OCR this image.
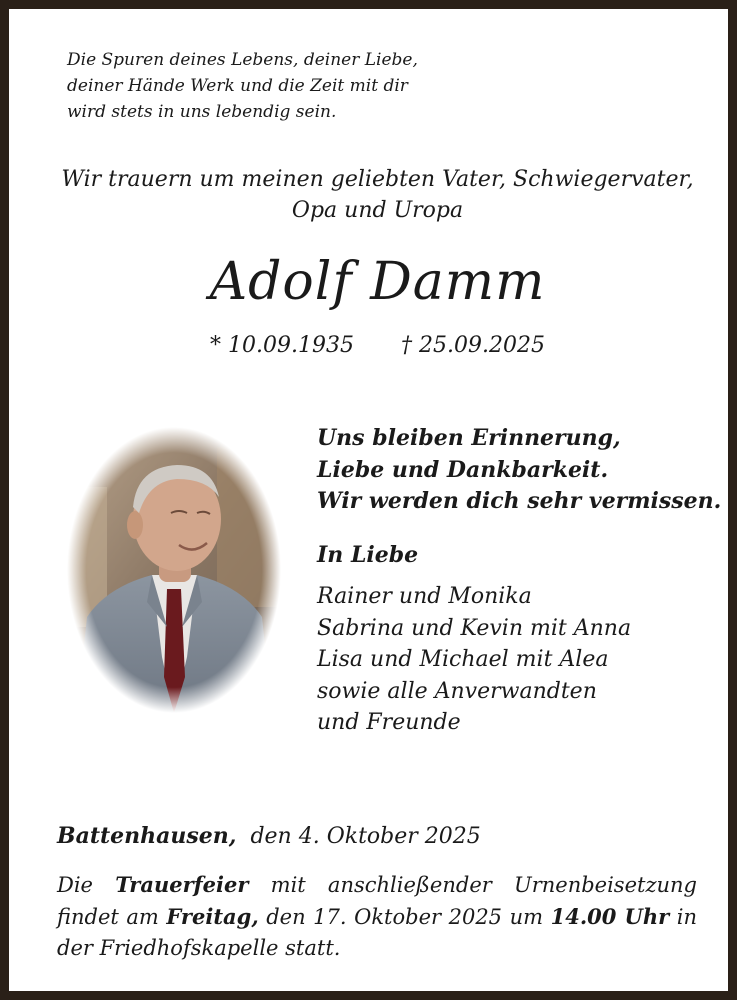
Die Spuren deines Lebens, deiner Liebe,
deiner Hände Werk und die Zeit mit dir
wird stets in uns lebendig sein.
Wir trauern um meinen geliebten Vater, Schwiegervater,
Opa und Uropa
Adolf Damm
* 10.09.1935 † 25.09.2025
Uns bleiben Erinnerung,
Liebe und Dankbarkeit.
Wir werden dich sehr vermissen.
In Liebe
Rainer und Monika
Sabrina und Kevin mit Anna
Lisa und Michael mit Alea
sowie alle Anverwandten
und Freunde
Battenhausen, den 4. Oktober 2025
Die Trauerfeier mit anschließender Urnenbeisetzung findet am Freitag, den 17. Oktober 2025 um 14.00 Uhr in der Friedhofskapelle statt.
